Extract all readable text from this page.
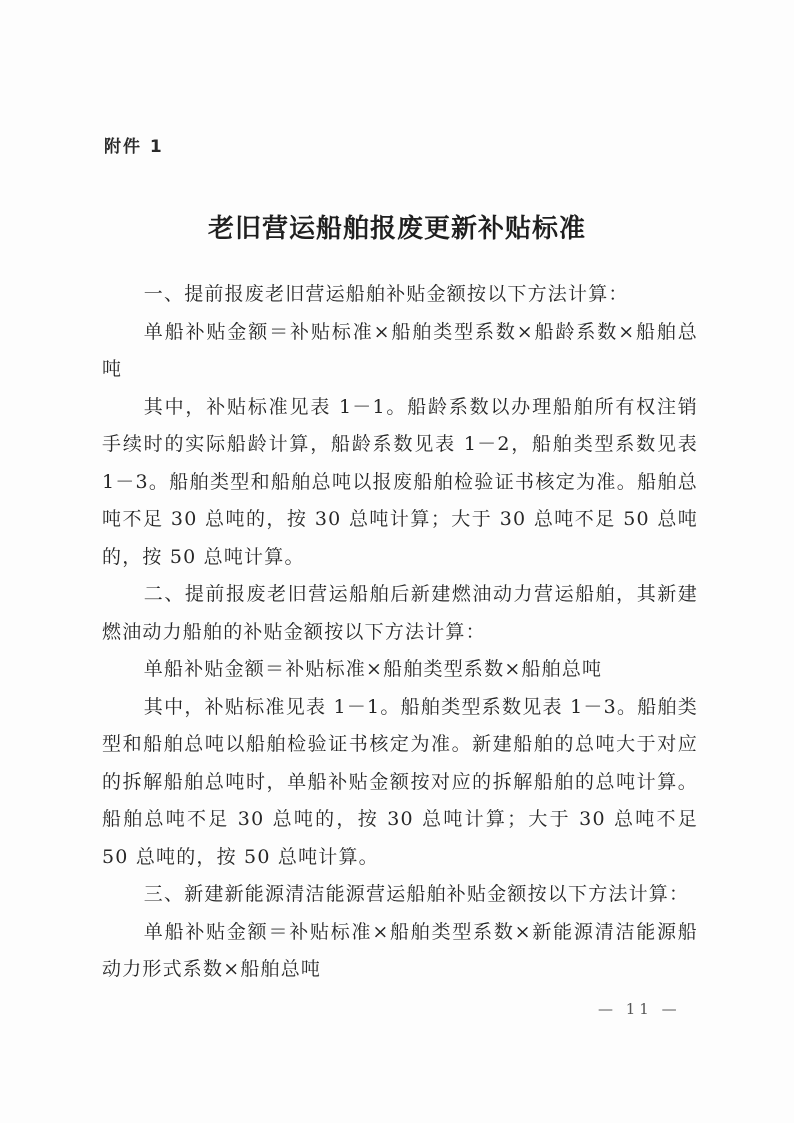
附件 1
老旧营运船舶报废更新补贴标准

一、提前报废老旧营运船舶补贴金额按以下方法计算：

单船补贴金额＝补贴标准×船舶类型系数×船龄系数×船舶总吨

其中，补贴标准见表 1－1。船龄系数以办理船舶所有权注销手续时的实际船龄计算，船龄系数见表 1－2，船舶类型系数见表 1－3。船舶类型和船舶总吨以报废船舶检验证书核定为准。船舶总吨不足 30 总吨的，按 30 总吨计算；大于 30 总吨不足 50 总吨的，按 50 总吨计算。

二、提前报废老旧营运船舶后新建燃油动力营运船舶，其新建燃油动力船舶的补贴金额按以下方法计算：

单船补贴金额＝补贴标准×船舶类型系数×船舶总吨

其中，补贴标准见表 1－1。船舶类型系数见表 1－3。船舶类型和船舶总吨以船舶检验证书核定为准。新建船舶的总吨大于对应的拆解船舶总吨时，单船补贴金额按对应的拆解船舶的总吨计算。船舶总吨不足 30 总吨的，按 30 总吨计算；大于 30 总吨不足 50 总吨的，按 50 总吨计算。

三、新建新能源清洁能源营运船舶补贴金额按以下方法计算：

单船补贴金额＝补贴标准×船舶类型系数×新能源清洁能源船动力形式系数×船舶总吨

— 11 —
